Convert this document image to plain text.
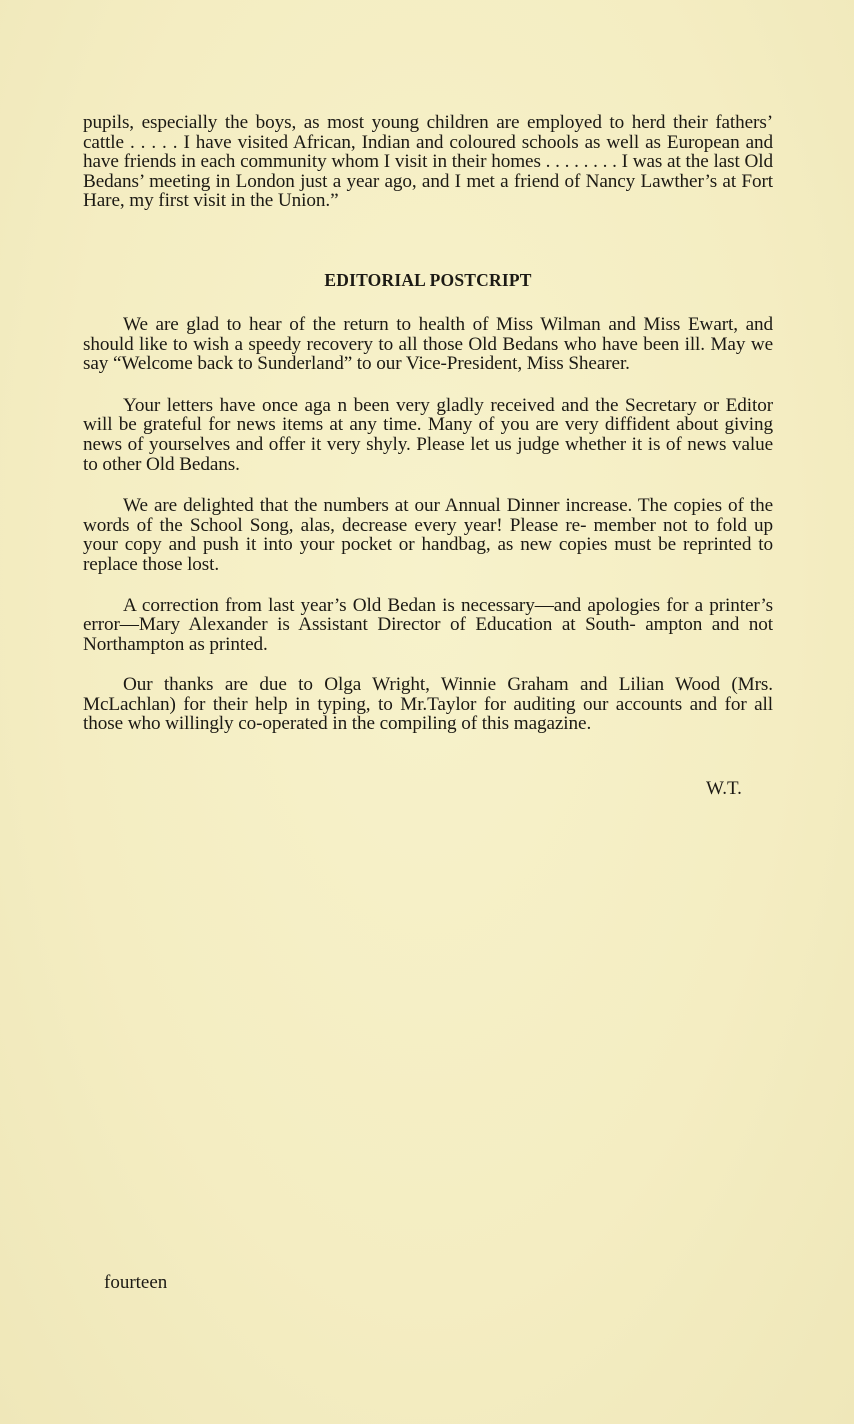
pupils, especially the boys, as most young children are employed to herd their fathers’ cattle . . . . . I have visited African, Indian and coloured schools as well as European and have friends in each community whom I visit in their homes . . . . . . . . I was at the last Old Bedans’ meeting in London just a year ago, and I met a friend of Nancy Lawther’s at Fort Hare, my first visit in the Union.”

EDITORIAL POSTCRIPT

We are glad to hear of the return to health of Miss Wilman and Miss Ewart, and should like to wish a speedy recovery to all those Old Bedans who have been ill. May we say “Welcome back to Sunderland” to our Vice-President, Miss Shearer.

Your letters have once aga n been very gladly received and the Secretary or Editor will be grateful for news items at any time. Many of you are very diffident about giving news of yourselves and offer it very shyly. Please let us judge whether it is of news value to other Old Bedans.

We are delighted that the numbers at our Annual Dinner increase. The copies of the words of the School Song, alas, decrease every year! Please re- member not to fold up your copy and push it into your pocket or handbag, as new copies must be reprinted to replace those lost.

A correction from last year’s Old Bedan is necessary—and apologies for a printer’s error—Mary Alexander is Assistant Director of Education at South- ampton and not Northampton as printed.

Our thanks are due to Olga Wright, Winnie Graham and Lilian Wood (Mrs. McLachlan) for their help in typing, to Mr.Taylor for auditing our accounts and for all those who willingly co-operated in the compiling of this magazine.

W.T.
fourteen
